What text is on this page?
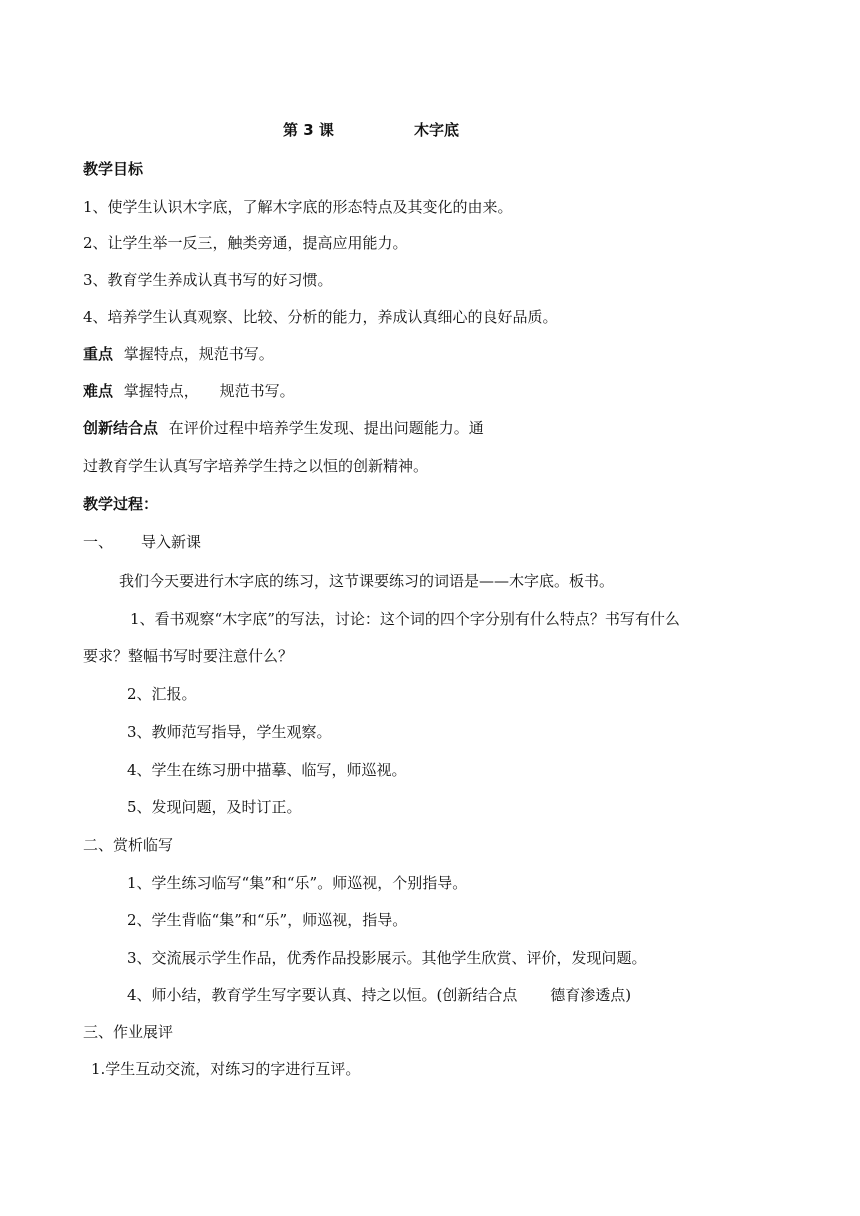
第 3 课	木字底
教学目标
1、使学生认识木字底，了解木字底的形态特点及其变化的由来。
2、让学生举一反三，触类旁通，提高应用能力。
3、教育学生养成认真书写的好习惯。
4、培养学生认真观察、比较、分析的能力，养成认真细心的良好品质。
重点 掌握特点，规范书写。
难点 掌握特点， 规范书写。
创新结合点 在评价过程中培养学生发现、提出问题能力。通
过教育学生认真写字培养学生持之以恒的创新精神。
教学过程：
一、 导入新课
我们今天要进行木字底的练习，这节课要练习的词语是——木字底。板书。
1、看书观察“木字底”的写法，讨论：这个词的四个字分别有什么特点？书写有什么
要求？整幅书写时要注意什么？
2、汇报。
3、教师范写指导，学生观察。
4、学生在练习册中描摹、临写，师巡视。
5、发现问题，及时订正。
二、赏析临写
1、学生练习临写“集”和“乐”。师巡视，个别指导。
2、学生背临“集”和“乐”，师巡视，指导。
3、交流展示学生作品，优秀作品投影展示。其他学生欣赏、评价，发现问题。
4、师小结，教育学生写字要认真、持之以恒。(创新结合点 德育渗透点)
三、作业展评
1.学生互动交流，对练习的字进行互评。
